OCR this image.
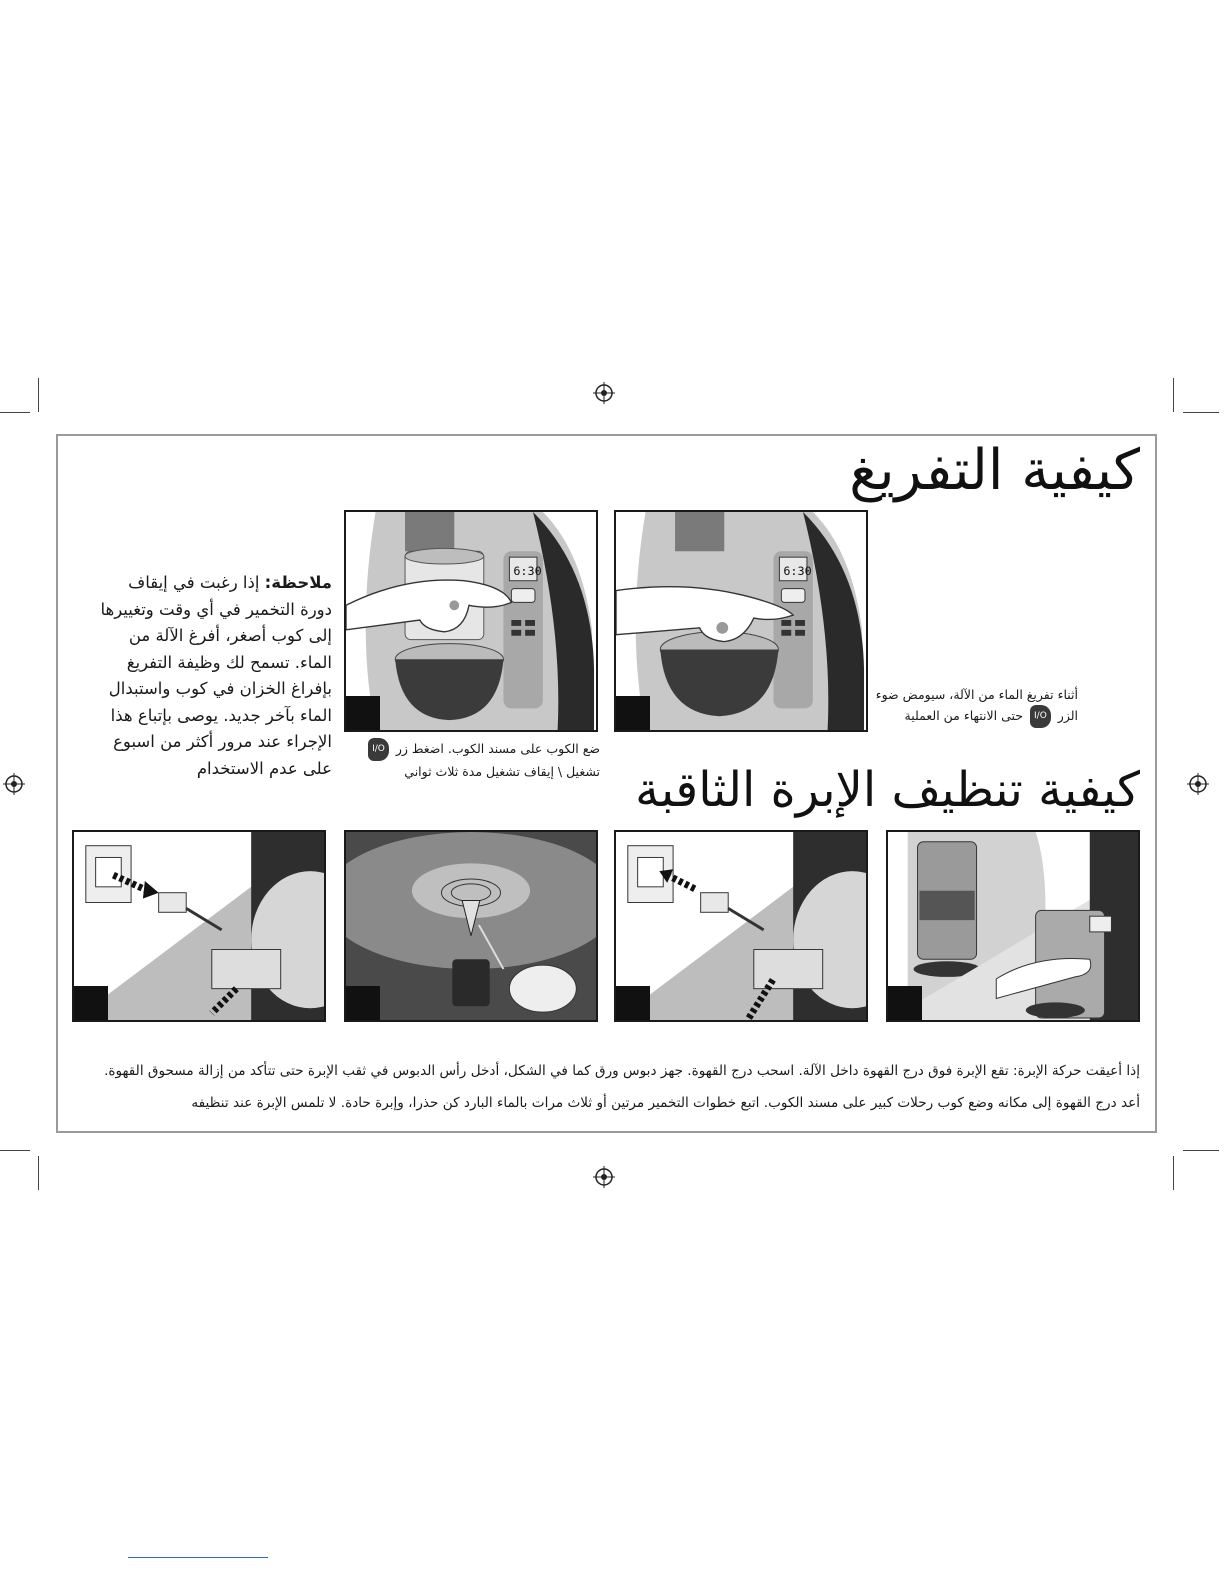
كيفية التفريغ
6:30	6:30
ملاحظة: إذا رغبت في إيقاف دورة التخمير في أي وقت وتغييرها إلى كوب أصغر، أفرغ الآلة من الماء. تسمح لك وظيفة التفريغ بإفراغ الخزان في كوب واستبدال الماء بآخر جديد. يوصى بإتباع هذا الإجراء عند مرور أكثر من اسبوع على عدم الاستخدام
ضع الكوب على مسند الكوب. اضغط زر I/O
تشغيل \ إيقاف تشغيل مدة ثلاث ثواني
أثناء تفريغ الماء من الآلة، سيومض ضوء
الزر I/O حتى الانتهاء من العملية
كيفية تنظيف الإبرة الثاقبة
إذا أعيقت حركة الإبرة: تقع الإبرة فوق درج القهوة داخل الآلة. اسحب درج القهوة. جهز دبوس ورق كما في الشكل، أدخل رأس الدبوس في ثقب الإبرة حتى تتأكد من إزالة مسحوق القهوة.
أعد درج القهوة إلى مكانه وضع كوب رحلات كبير على مسند الكوب. اتبع خطوات التخمير مرتين أو ثلاث مرات بالماء البارد كن حذرا، وإبرة حادة. لا تلمس الإبرة عند تنظيفه
